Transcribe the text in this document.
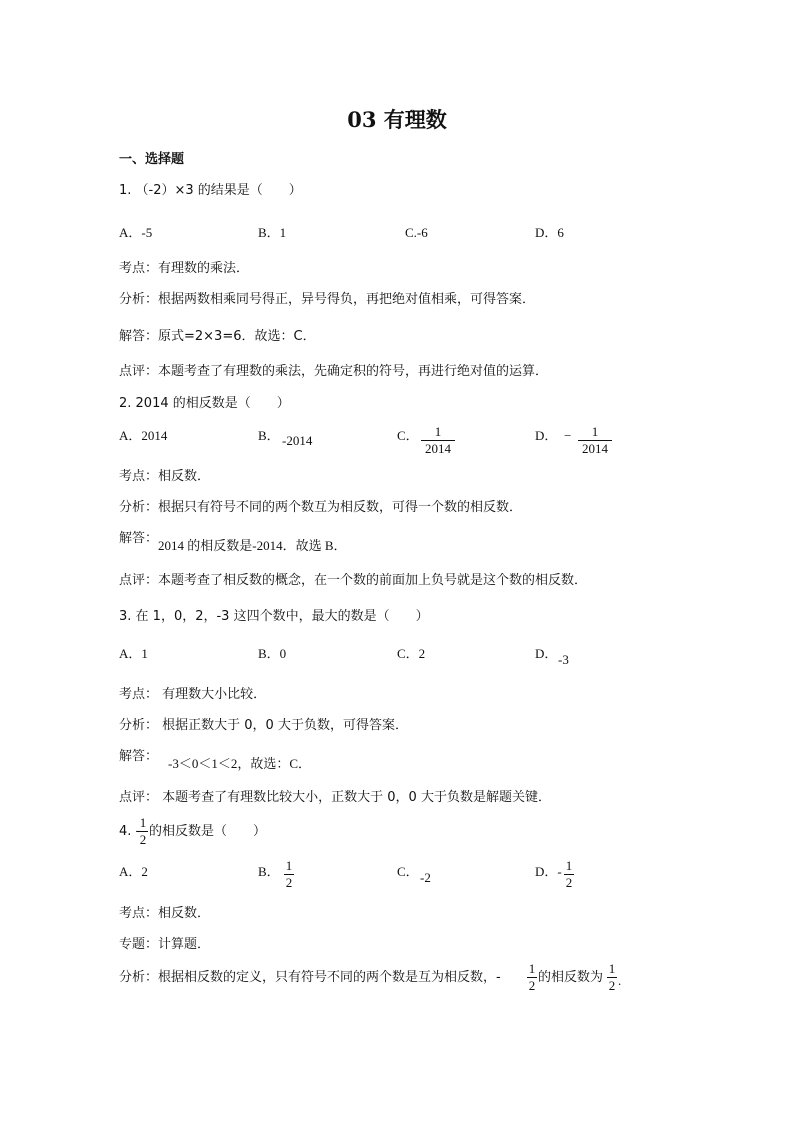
03 有理数
一、选择题
1. （-2）×3 的结果是（　　）
A．-5	B．1	C.-6	D．6
考点：有理数的乘法．
分析：根据两数相乘同号得正，异号得负，再把绝对值相乘，可得答案．
解答：原式=2×3=6．故选：C．
点评：本题考查了有理数的乘法，先确定积的符号，再进行绝对值的运算．
2. 2014 的相反数是（　　）
A．2014	B． -2014	C．	1
2014
D． −	1
2014
考点：相反数．
分析：根据只有符号不同的两个数互为相反数，可得一个数的相反数．
解答： 2014 的相反数是-2014．故选 B．
点评：本题考查了相反数的概念，在一个数的前面加上负号就是这个数的相反数．
3. 在 1，0，2，-3 这四个数中，最大的数是（　　）
A．1	B．0	C．2	D． -3
考点： 有理数大小比较．
分析： 根据正数大于 0，0 大于负数，可得答案．
解答： -3＜0＜1＜2，故选：C．
点评： 本题考查了有理数比较大小，正数大于 0，0 大于负数是解题关键．
4. -
1
2
的相反数是（　　）
A．2	B． 1
2
C． -2	D．- 1
2
考点：相反数．
专题：计算题．
分析：根据相反数的定义，只有符号不同的两个数是互为相反数，-
1
2
的相反数为
1
2 .
